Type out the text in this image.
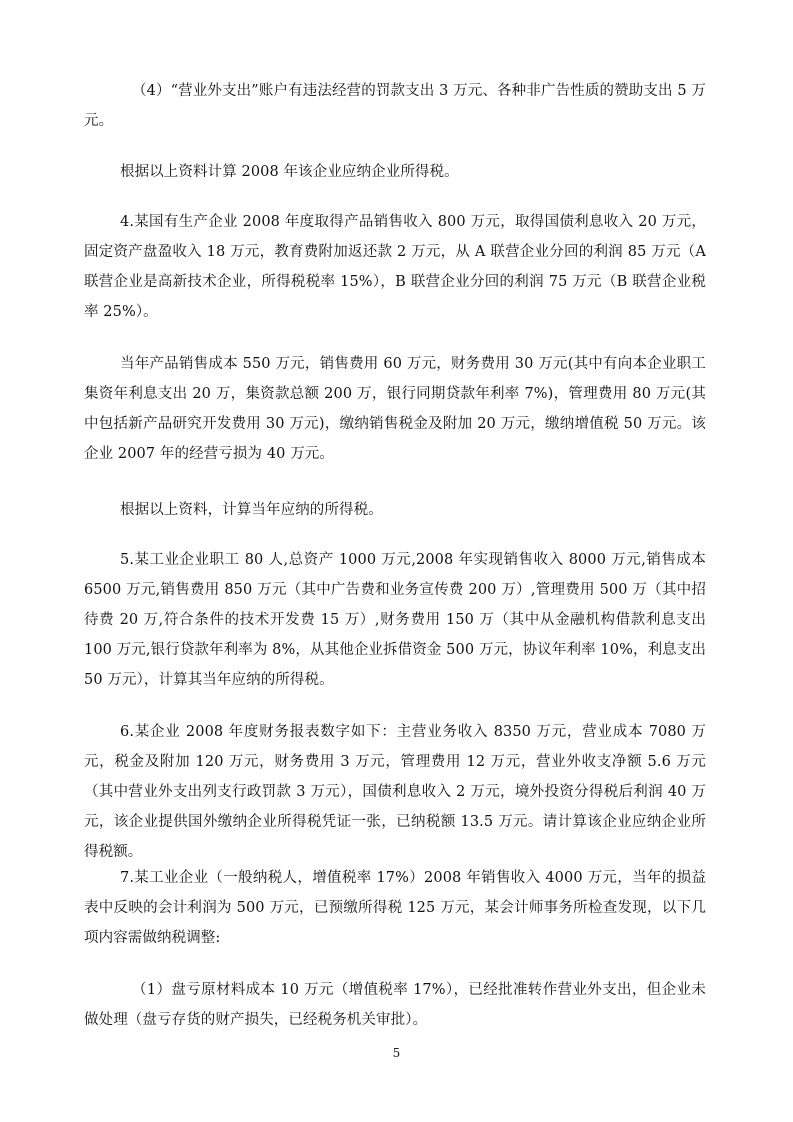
（4）“营业外支出”账户有违法经营的罚款支出 3 万元、各种非广告性质的赞助支出 5 万元。

根据以上资料计算 2008 年该企业应纳企业所得税。

4.某国有生产企业 2008 年度取得产品销售收入 800 万元，取得国债利息收入 20 万元，固定资产盘盈收入 18 万元，教育费附加返还款 2 万元，从 A 联营企业分回的利润 85 万元（A 联营企业是高新技术企业，所得税税率 15%），B 联营企业分回的利润 75 万元（B 联营企业税率 25%）。

当年产品销售成本 550 万元，销售费用 60 万元，财务费用 30 万元(其中有向本企业职工集资年利息支出 20 万，集资款总额 200 万，银行同期贷款年利率 7%)，管理费用 80 万元(其中包括新产品研究开发费用 30 万元)，缴纳销售税金及附加 20 万元，缴纳增值税 50 万元。该企业 2007 年的经营亏损为 40 万元。

根据以上资料，计算当年应纳的所得税。

5.某工业企业职工 80 人,总资产 1000 万元,2008 年实现销售收入 8000 万元,销售成本 6500 万元,销售费用 850 万元（其中广告费和业务宣传费 200 万）,管理费用 500 万（其中招待费 20 万,符合条件的技术开发费 15 万）,财务费用 150 万（其中从金融机构借款利息支出 100 万元,银行贷款年利率为 8%，从其他企业拆借资金 500 万元，协议年利率 10%，利息支出 50 万元），计算其当年应纳的所得税。

6.某企业 2008 年度财务报表数字如下：主营业务收入 8350 万元，营业成本 7080 万元，税金及附加 120 万元，财务费用 3 万元，管理费用 12 万元，营业外收支净额 5.6 万元（其中营业外支出列支行政罚款 3 万元），国债利息收入 2 万元，境外投资分得税后利润 40 万元，该企业提供国外缴纳企业所得税凭证一张，已纳税额 13.5 万元。请计算该企业应纳企业所得税额。

7.某工业企业（一般纳税人，增值税率 17%）2008 年销售收入 4000 万元，当年的损益表中反映的会计利润为 500 万元，已预缴所得税 125 万元，某会计师事务所检查发现，以下几项内容需做纳税调整:

（1）盘亏原材料成本 10 万元（增值税率 17%），已经批准转作营业外支出，但企业未做处理（盘亏存货的财产损失，已经税务机关审批）。

5
